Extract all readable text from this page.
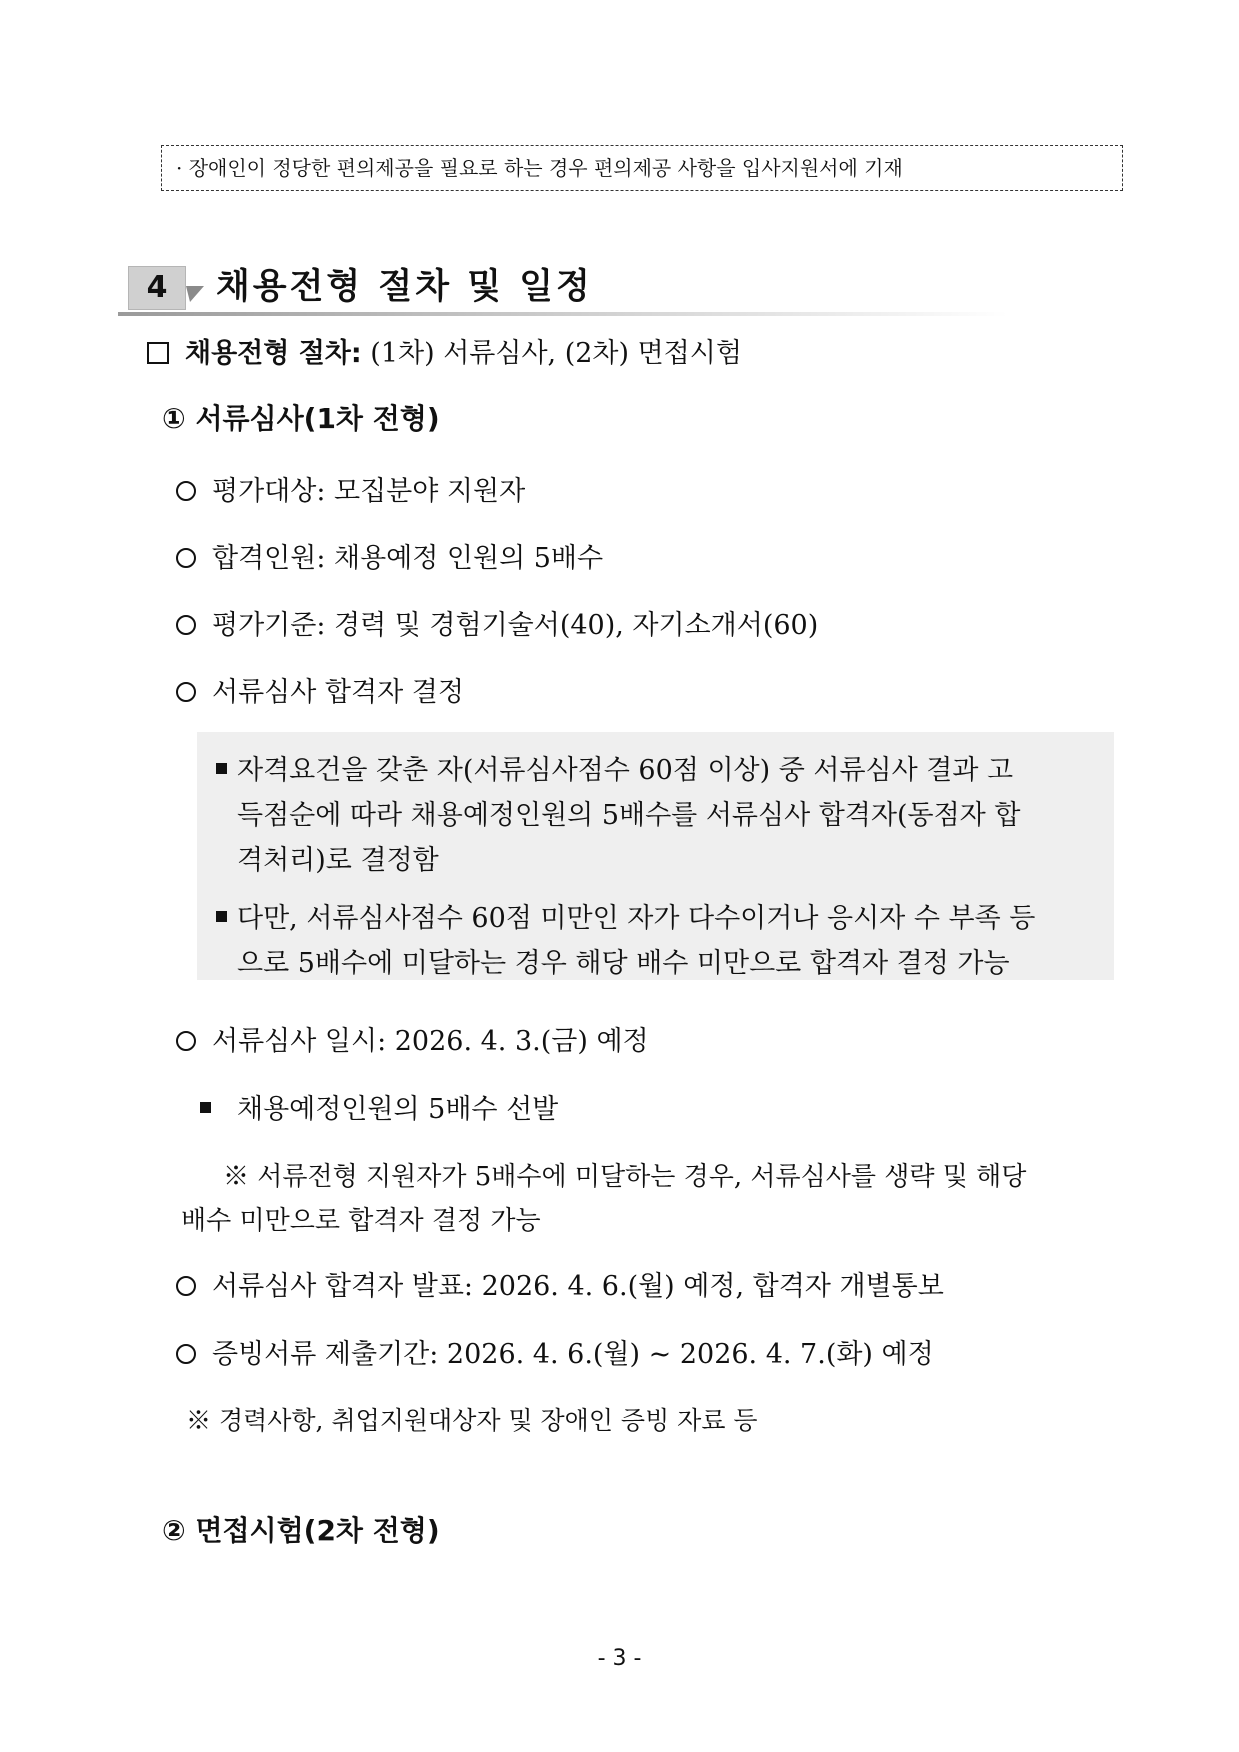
· 장애인이 정당한 편의제공을 필요로 하는 경우 편의제공 사항을 입사지원서에 기재
4	채용전형 절차 및 일정
채용전형 절차: (1차) 서류심사, (2차) 면접시험
① 서류심사(1차 전형)
평가대상: 모집분야 지원자
합격인원: 채용예정 인원의 5배수
평가기준: 경력 및 경험기술서(40), 자기소개서(60)
서류심사 합격자 결정
자격요건을 갖춘 자(서류심사점수 60점 이상) 중 서류심사 결과 고
득점순에 따라 채용예정인원의 5배수를 서류심사 합격자(동점자 합
격처리)로 결정함
다만, 서류심사점수 60점 미만인 자가 다수이거나 응시자 수 부족 등
으로 5배수에 미달하는 경우 해당 배수 미만으로 합격자 결정 가능
서류심사 일시: 2026. 4. 3.(금) 예정
채용예정인원의 5배수 선발
※ 서류전형 지원자가 5배수에 미달하는 경우, 서류심사를 생략 및 해당
배수 미만으로 합격자 결정 가능
서류심사 합격자 발표: 2026. 4. 6.(월) 예정, 합격자 개별통보
증빙서류 제출기간: 2026. 4. 6.(월) ~ 2026. 4. 7.(화) 예정
※ 경력사항, 취업지원대상자 및 장애인 증빙 자료 등
② 면접시험(2차 전형)
- 3 -
